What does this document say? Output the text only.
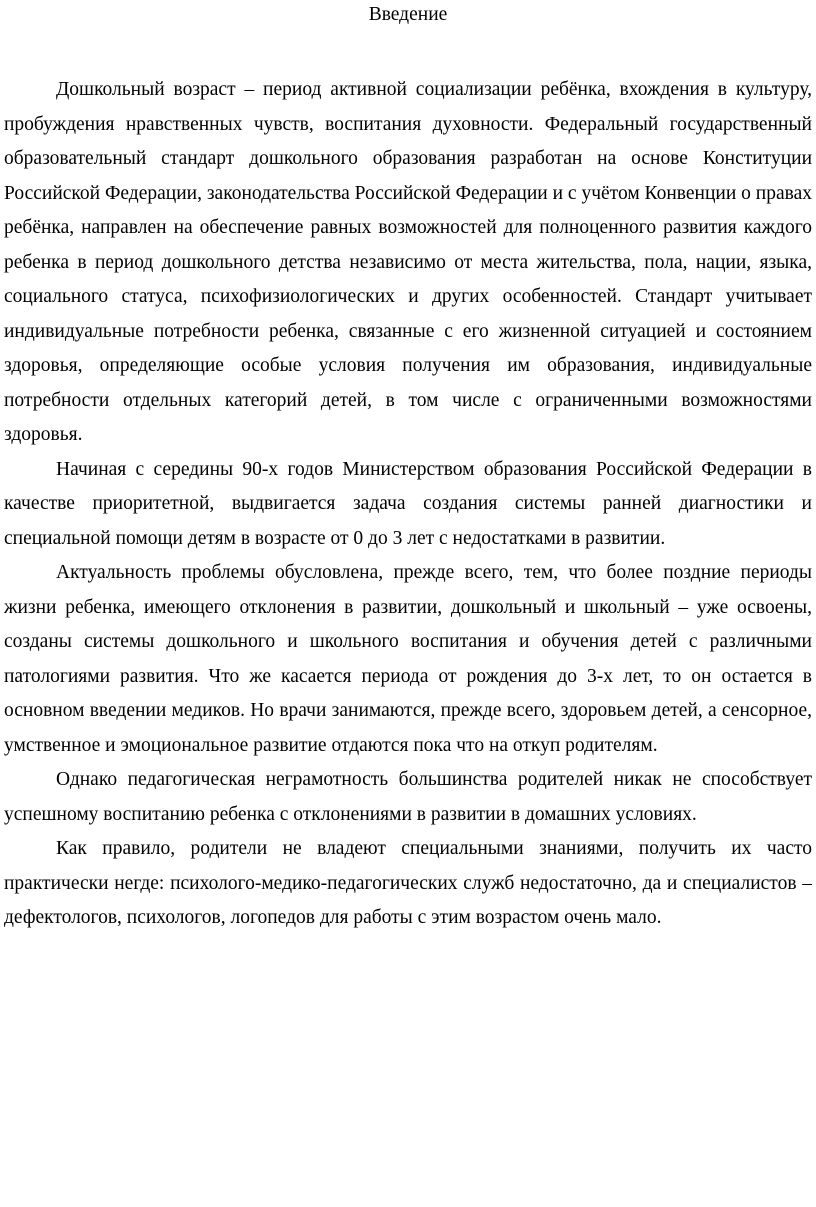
Введение

Дошкольный возраст – период активной социализации ребёнка, вхождения в культуру, пробуждения нравственных чувств, воспитания духовности. Федеральный государственный образовательный стандарт дошкольного образования разработан на основе Конституции Российской Федерации, законодательства Российской Федерации и с учётом Конвенции о правах ребёнка, направлен на обеспечение равных возможностей для полноценного развития каждого ребенка в период дошкольного детства независимо от места жительства, пола, нации, языка, социального статуса, психофизиологических и других особенностей. Стандарт учитывает индивидуальные потребности ребенка, связанные с его жизненной ситуацией и состоянием здоровья, определяющие особые условия получения им образования, индивидуальные потребности отдельных категорий детей, в том числе с ограниченными возможностями здоровья.

Начиная с середины 90-х годов Министерством образования Российской Федерации в качестве приоритетной, выдвигается задача создания системы ранней диагностики и специальной помощи детям в возрасте от 0 до 3 лет с недостатками в развитии.

Актуальность проблемы обусловлена, прежде всего, тем, что более поздние периоды жизни ребенка, имеющего отклонения в развитии, дошкольный и школьный – уже освоены, созданы системы дошкольного и школьного воспитания и обучения детей с различными патологиями развития. Что же касается периода от рождения до 3-х лет, то он остается в основном введении медиков. Но врачи занимаются, прежде всего, здоровьем детей, а сенсорное, умственное и эмоциональное развитие отдаются пока что на откуп родителям.

Однако педагогическая неграмотность большинства родителей никак не способствует успешному воспитанию ребенка с отклонениями в развитии в домашних условиях.

Как правило, родители не владеют специальными знаниями, получить их часто практически негде: психолого-медико-педагогических служб недостаточно, да и специалистов – дефектологов, психологов, логопедов для работы с этим возрастом очень мало.
